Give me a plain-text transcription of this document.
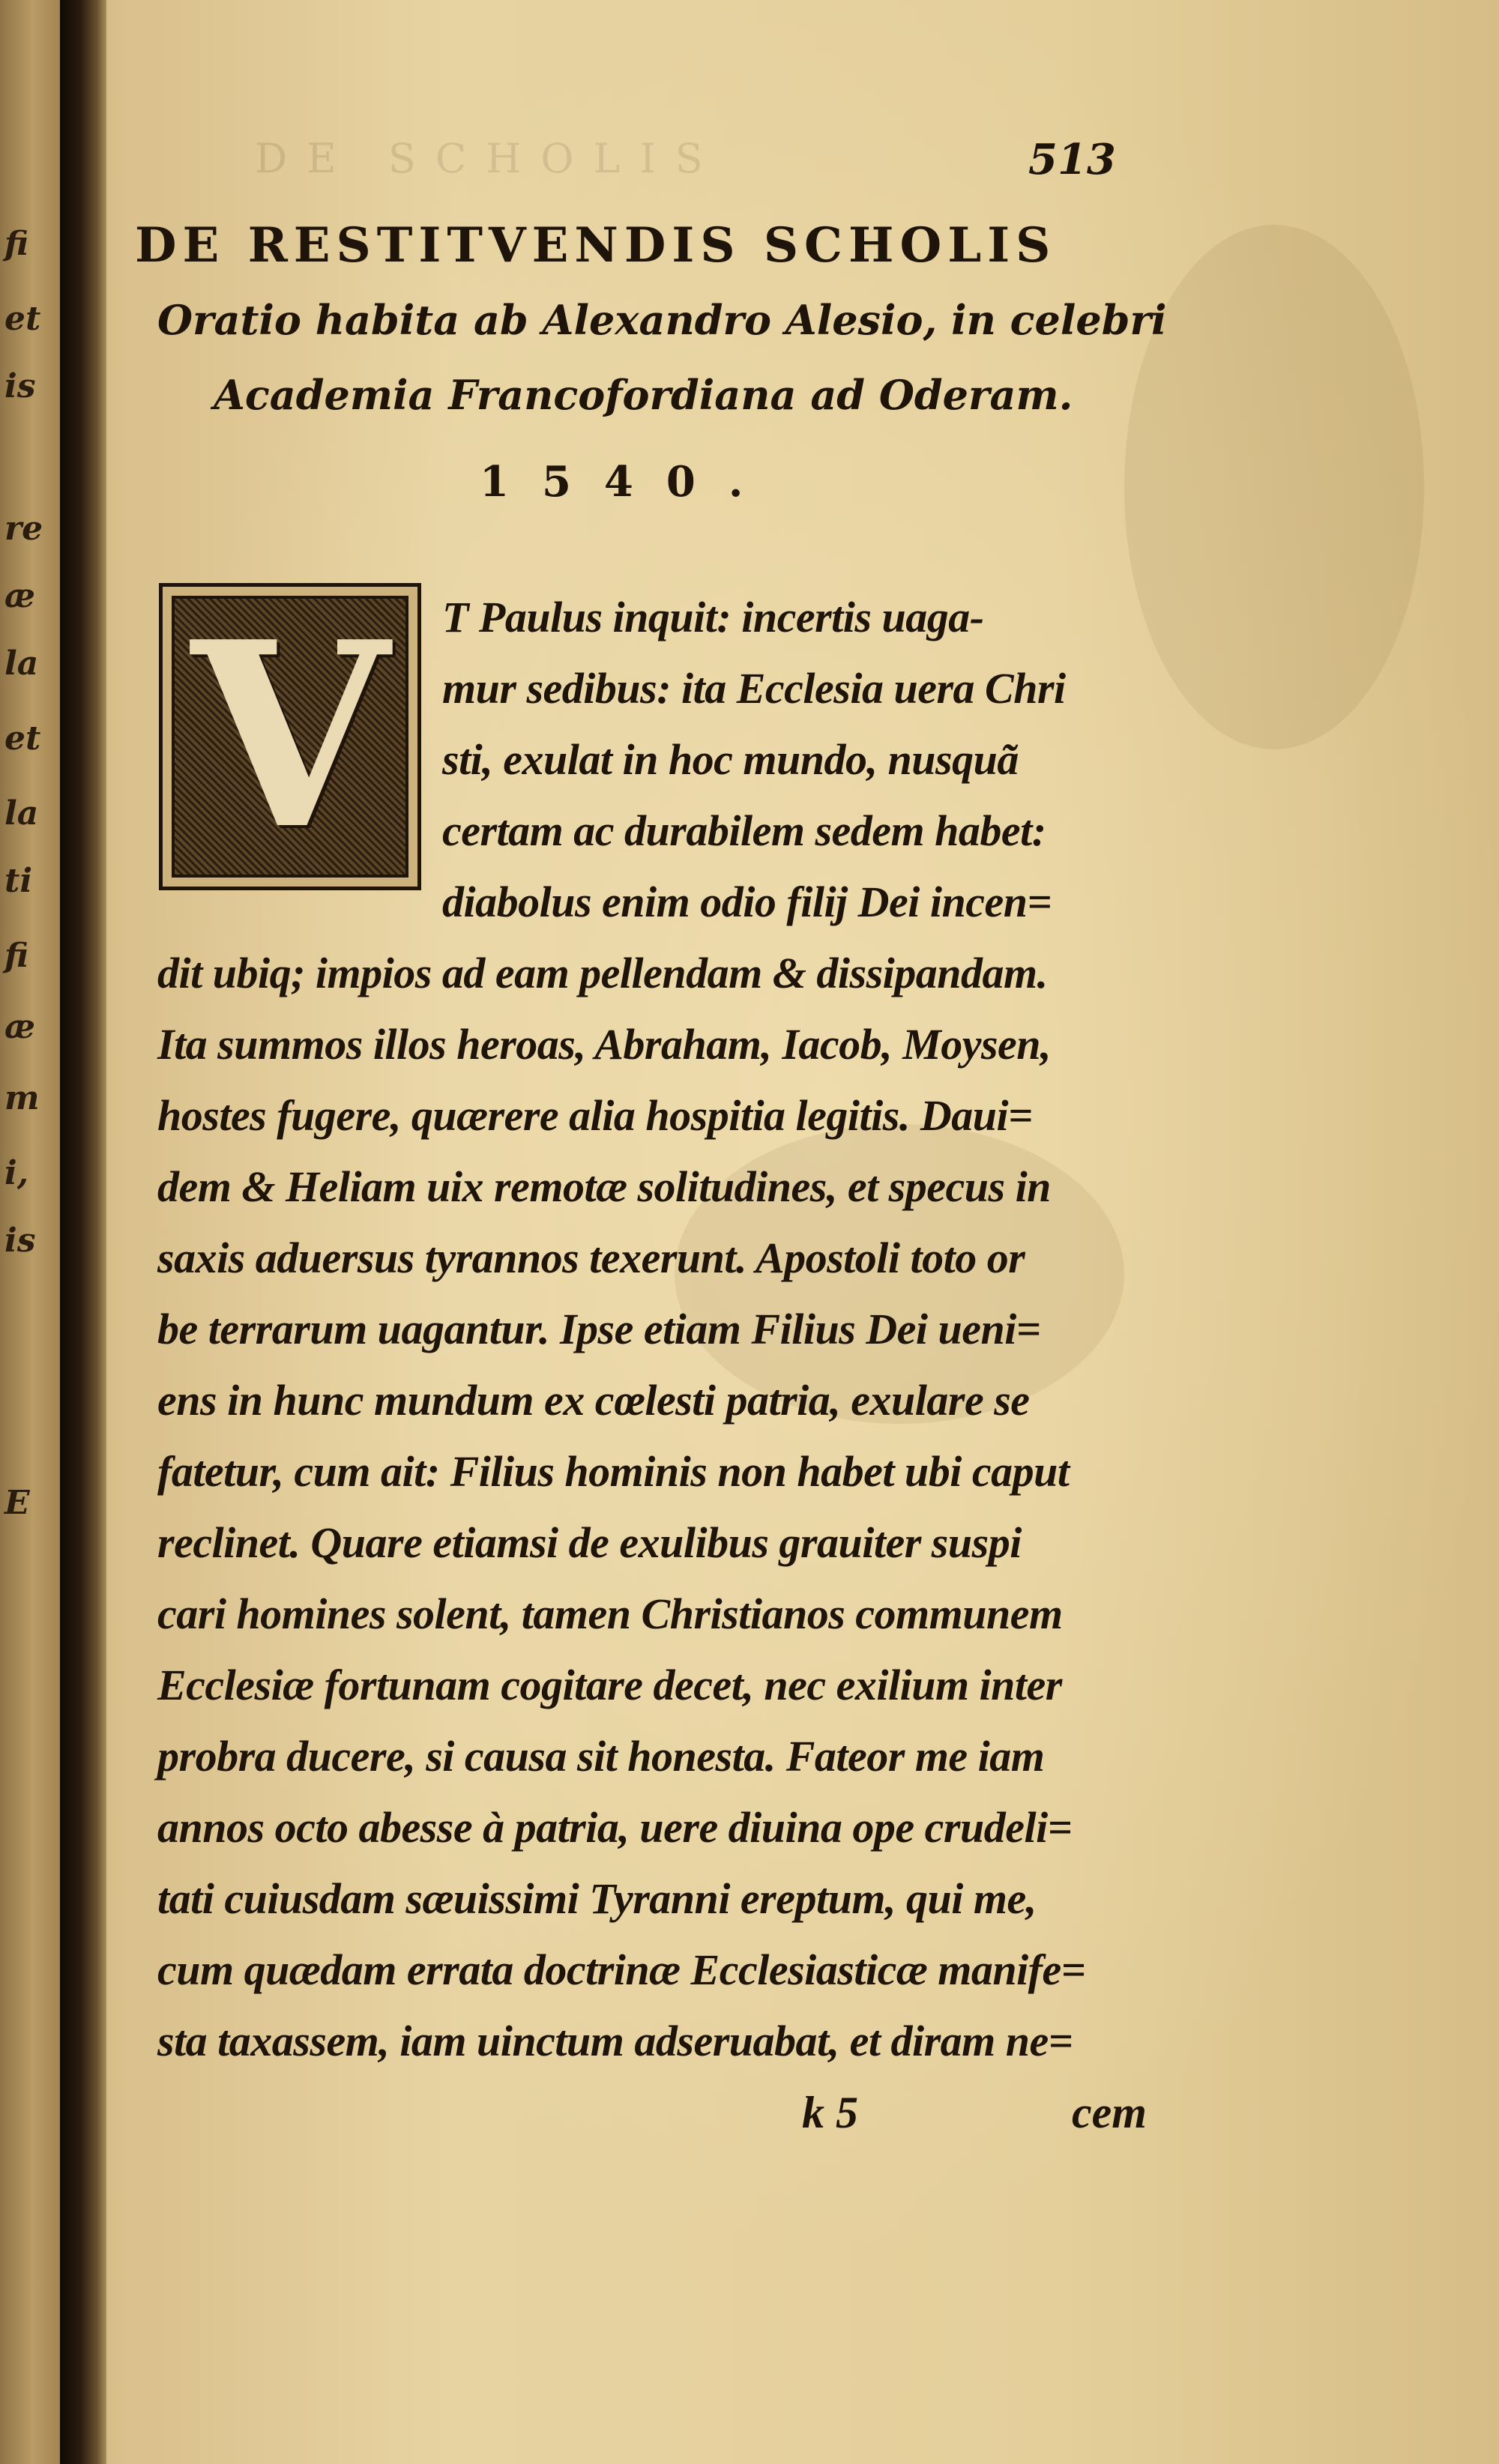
fi
et
is
re
æ
la
et
la
ti
fi
æ
m
i,
is
E
DE SCHOLIS	513
DE RESTITVENDIS SCHOLIS
Oratio habita ab Alexandro Alesio, in celebri
Academia Francofordiana ad Oderam.
1540.
V	T Paulus inquit: incertis uaga-
mur sedibus: ita Ecclesia uera Chri
sti, exulat in hoc mundo, nusquã
certam ac durabilem sedem habet:
diabolus enim odio filij Dei incen=
dit ubiq; impios ad eam pellendam & dissipandam.
Ita summos illos heroas, Abraham, Iacob, Moysen,
hostes fugere, quærere alia hospitia legitis. Daui=
dem & Heliam uix remotæ solitudines, et specus in
saxis aduersus tyrannos texerunt. Apostoli toto or
be terrarum uagantur. Ipse etiam Filius Dei ueni=
ens in hunc mundum ex cœlesti patria, exulare se
fatetur, cum ait: Filius hominis non habet ubi caput
reclinet. Quare etiamsi de exulibus grauiter suspi
cari homines solent, tamen Christianos communem
Ecclesiæ fortunam cogitare decet, nec exilium inter
probra ducere, si causa sit honesta. Fateor me iam
annos octo abesse à patria, uere diuina ope crudeli=
tati cuiusdam sæuissimi Tyranni ereptum, qui me,
cum quædam errata doctrinæ Ecclesiasticæ manife=
sta taxassem, iam uinctum adseruabat, et diram ne=
k 5	cem
